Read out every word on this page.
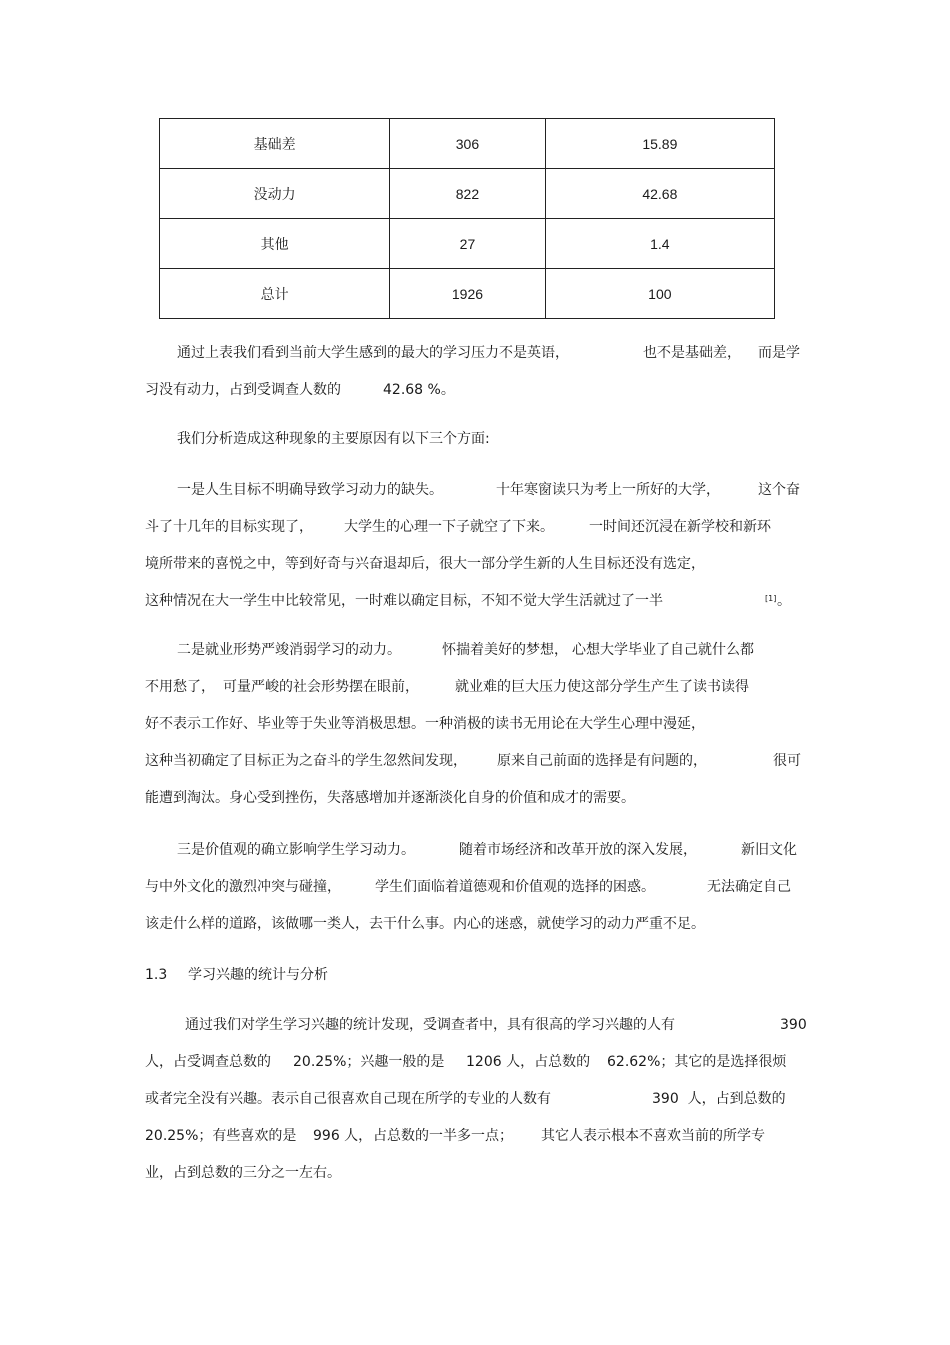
基础差	306	15.89
没动力	822	42.68
其他	27	1.4
总计	1926	100
通过上表我们看到当前大学生感到的最大的学习压力不是英语，	也不是基础差， 而是学
习没有动力，占到受调查人数的	42.68 %。
我们分析造成这种现象的主要原因有以下三个方面:
一是人生目标不明确导致学习动力的缺失。	十年寒窗读只为考上一所好的大学，	这个奋
斗了十几年的目标实现了， 大学生的心理一下子就空了下来。	一时间还沉浸在新学校和新环
境所带来的喜悦之中，等到好奇与兴奋退却后，很大一部分学生新的人生目标还没有选定，
这种情况在大一学生中比较常见，一时难以确定目标，不知不觉大学生活就过了一半	$_{[1]}$ 。
二是就业形势严竣消弱学习的动力。	怀揣着美好的梦想， 心想大学毕业了自己就什么都
不用愁了， 可量严峻的社会形势摆在眼前，	就业难的巨大压力使这部分学生产生了读书读得
好不表示工作好、毕业等于失业等消极思想。一种消极的读书无用论在大学生心理中漫延，
这种当初确定了目标正为之奋斗的学生忽然间发现， 原来自己前面的选择是有问题的，	很可
能遭到淘汰。身心受到挫伤，失落感增加并逐渐淡化自身的价值和成才的需要。
三是价值观的确立影响学生学习动力。	随着市场经济和改革开放的深入发展，	新旧文化
与中外文化的激烈冲突与碰撞， 学生们面临着道德观和价值观的选择的困惑。	无法确定自己
该走什么样的道路，该做哪一类人，去干什么事。内心的迷惑，就使学习的动力严重不足。
1.3 学习兴趣的统计与分析
通过我们对学生学习兴趣的统计发现，受调查者中，具有很高的学习兴趣的人有	390
人，占受调查总数的 20.25%；兴趣一般的是 1206 人，占总数的 62.62%；其它的是选择很烦
或者完全没有兴趣。表示自己很喜欢自己现在所学的专业的人数有	390  人，占到总数的
20.25%；有些喜欢的是 996 人， 占总数的一半多一点； 其它人表示根本不喜欢当前的所学专
业，占到总数的三分之一左右。
